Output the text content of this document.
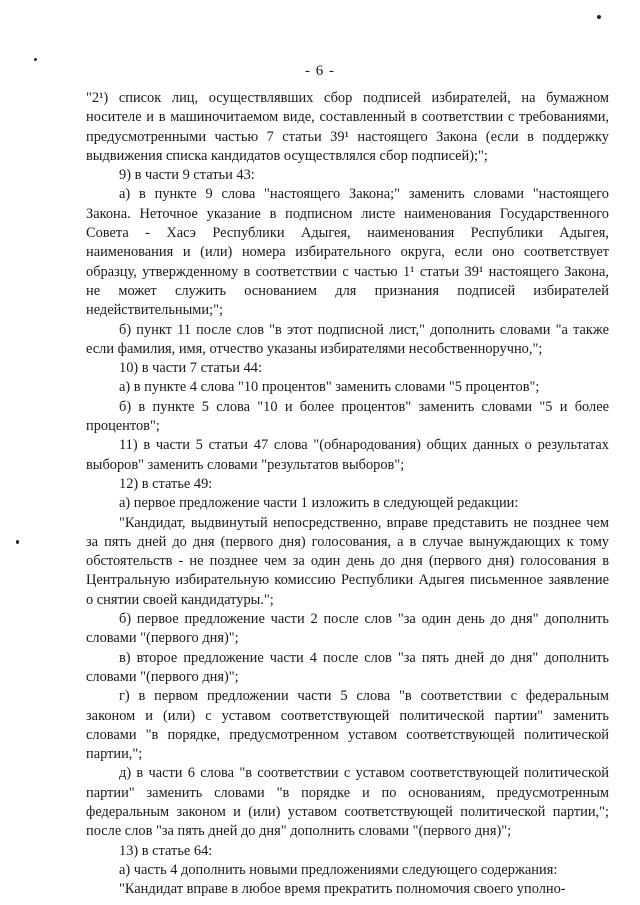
- 6 -

"2¹) список лиц, осуществлявших сбор подписей избирателей, на бумажном носителе и в машиночитаемом виде, составленный в соответствии с требованиями, предусмотренными частью 7 статьи 39¹ настоящего Закона (если в поддержку выдвижения списка кандидатов осуществлялся сбор подписей);";

9) в части 9 статьи 43:

а) в пункте 9 слова "настоящего Закона;" заменить словами "настоящего Закона. Неточное указание в подписном листе наименования Государственного Совета - Хасэ Республики Адыгея, наименования Республики Адыгея, наименования и (или) номера избирательного округа, если оно соответствует образцу, утвержденному в соответствии с частью 1¹ статьи 39¹ настоящего Закона, не может служить основанием для признания подписей избирателей недействительными;";

б) пункт 11 после слов "в этот подписной лист," дополнить словами "а также если фамилия, имя, отчество указаны избирателями несобственноручно,";

10) в части 7 статьи 44:

а) в пункте 4 слова "10 процентов" заменить словами "5 процентов";

б) в пункте 5 слова "10 и более процентов" заменить словами "5 и более процентов";

11) в части 5 статьи 47 слова "(обнародования) общих данных о результатах выборов" заменить словами "результатов выборов";

12) в статье 49:

а) первое предложение части 1 изложить в следующей редакции:

"Кандидат, выдвинутый непосредственно, вправе представить не позднее чем за пять дней до дня (первого дня) голосования, а в случае вынуждающих к тому обстоятельств - не позднее чем за один день до дня (первого дня) голосования в Центральную избирательную комиссию Республики Адыгея письменное заявление о снятии своей кандидатуры.";

б) первое предложение части 2 после слов "за один день до дня" дополнить словами "(первого дня)";

в) второе предложение части 4 после слов "за пять дней до дня" дополнить словами "(первого дня)";

г) в первом предложении части 5 слова "в соответствии с федеральным законом и (или) с уставом соответствующей политической партии" заменить словами "в порядке, предусмотренном уставом соответствующей политической партии,";

д) в части 6 слова "в соответствии с уставом соответствующей политической партии" заменить словами "в порядке и по основаниям, предусмотренным федеральным законом и (или) уставом соответствующей политической партии,"; после слов "за пять дней до дня" дополнить словами "(первого дня)";

13) в статье 64:

а) часть 4 дополнить новыми предложениями следующего содержания:

"Кандидат вправе в любое время прекратить полномочия своего уполно-
